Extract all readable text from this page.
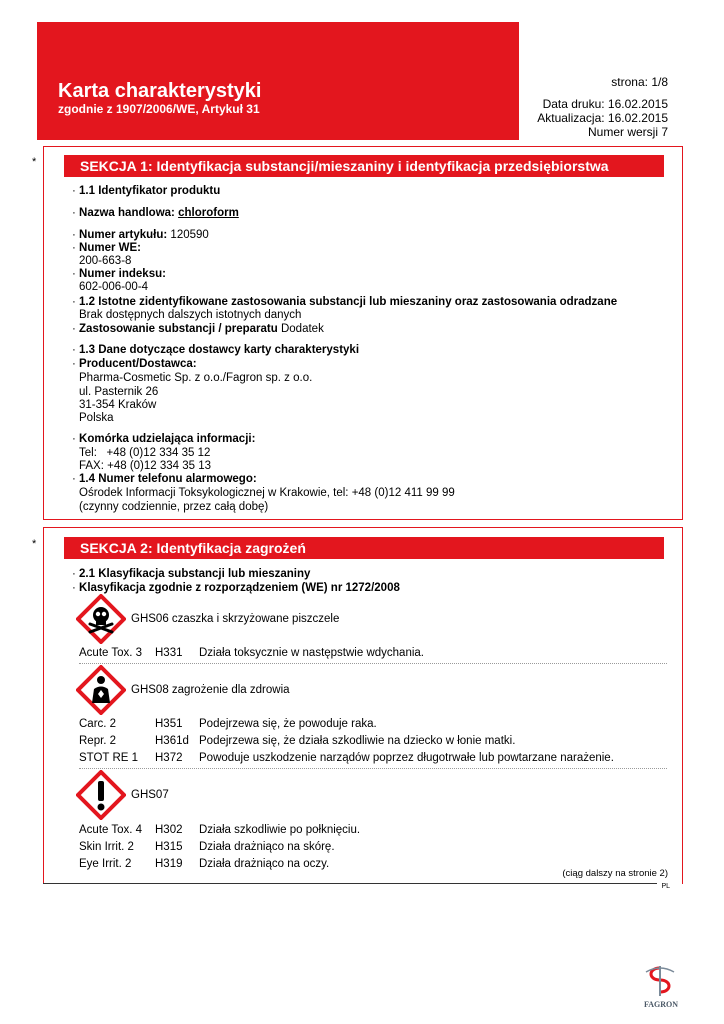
Karta charakterystyki
zgodnie z 1907/2006/WE, Artykuł 31
strona: 1/8
Data druku: 16.02.2015
Aktualizacja: 16.02.2015
Numer wersji 7
*	SEKCJA 1: Identyfikacja substancji/mieszaniny i identyfikacja przedsiębiorstwa
· 1.1 Identyfikator produktu
· Nazwa handlowa: chloroform
· Numer artykułu: 120590
· Numer WE:
200-663-8
· Numer indeksu:
602-006-00-4
· 1.2 Istotne zidentyfikowane zastosowania substancji lub mieszaniny oraz zastosowania odradzane
Brak dostępnych dalszych istotnych danych
· Zastosowanie substancji / preparatu Dodatek
· 1.3 Dane dotyczące dostawcy karty charakterystyki
· Producent/Dostawca:
Pharma-Cosmetic Sp. z o.o./Fagron sp. z o.o.
ul. Pasternik 26
31-354 Kraków
Polska
· Komórka udzielająca informacji:
Tel:   +48 (0)12 334 35 12
FAX: +48 (0)12 334 35 13
· 1.4 Numer telefonu alarmowego:
Ośrodek Informacji Toksykologicznej w Krakowie, tel: +48 (0)12 411 99 99
(czynny codziennie, przez całą dobę)
*	SEKCJA 2: Identyfikacja zagrożeń
· 2.1 Klasyfikacja substancji lub mieszaniny
· Klasyfikacja zgodnie z rozporządzeniem (WE) nr 1272/2008
GHS06 czaszka i skrzyżowane piszczele
Acute Tox. 3 H331 Działa toksycznie w następstwie wdychania.
GHS08 zagrożenie dla zdrowia
Carc. 2	H351 Podejrzewa się, że powoduje raka.
Repr. 2	H361d Podejrzewa się, że działa szkodliwie na dziecko w łonie matki.
STOT RE 1 H372 Powoduje uszkodzenie narządów poprzez długotrwałe lub powtarzane narażenie.
GHS07
Acute Tox. 4 H302 Działa szkodliwie po połknięciu.
Skin Irrit. 2 H315 Działa drażniąco na skórę.
Eye Irrit. 2 H319 Działa drażniąco na oczy.
(ciąg dalszy na stronie 2)
PL
FAGRON
